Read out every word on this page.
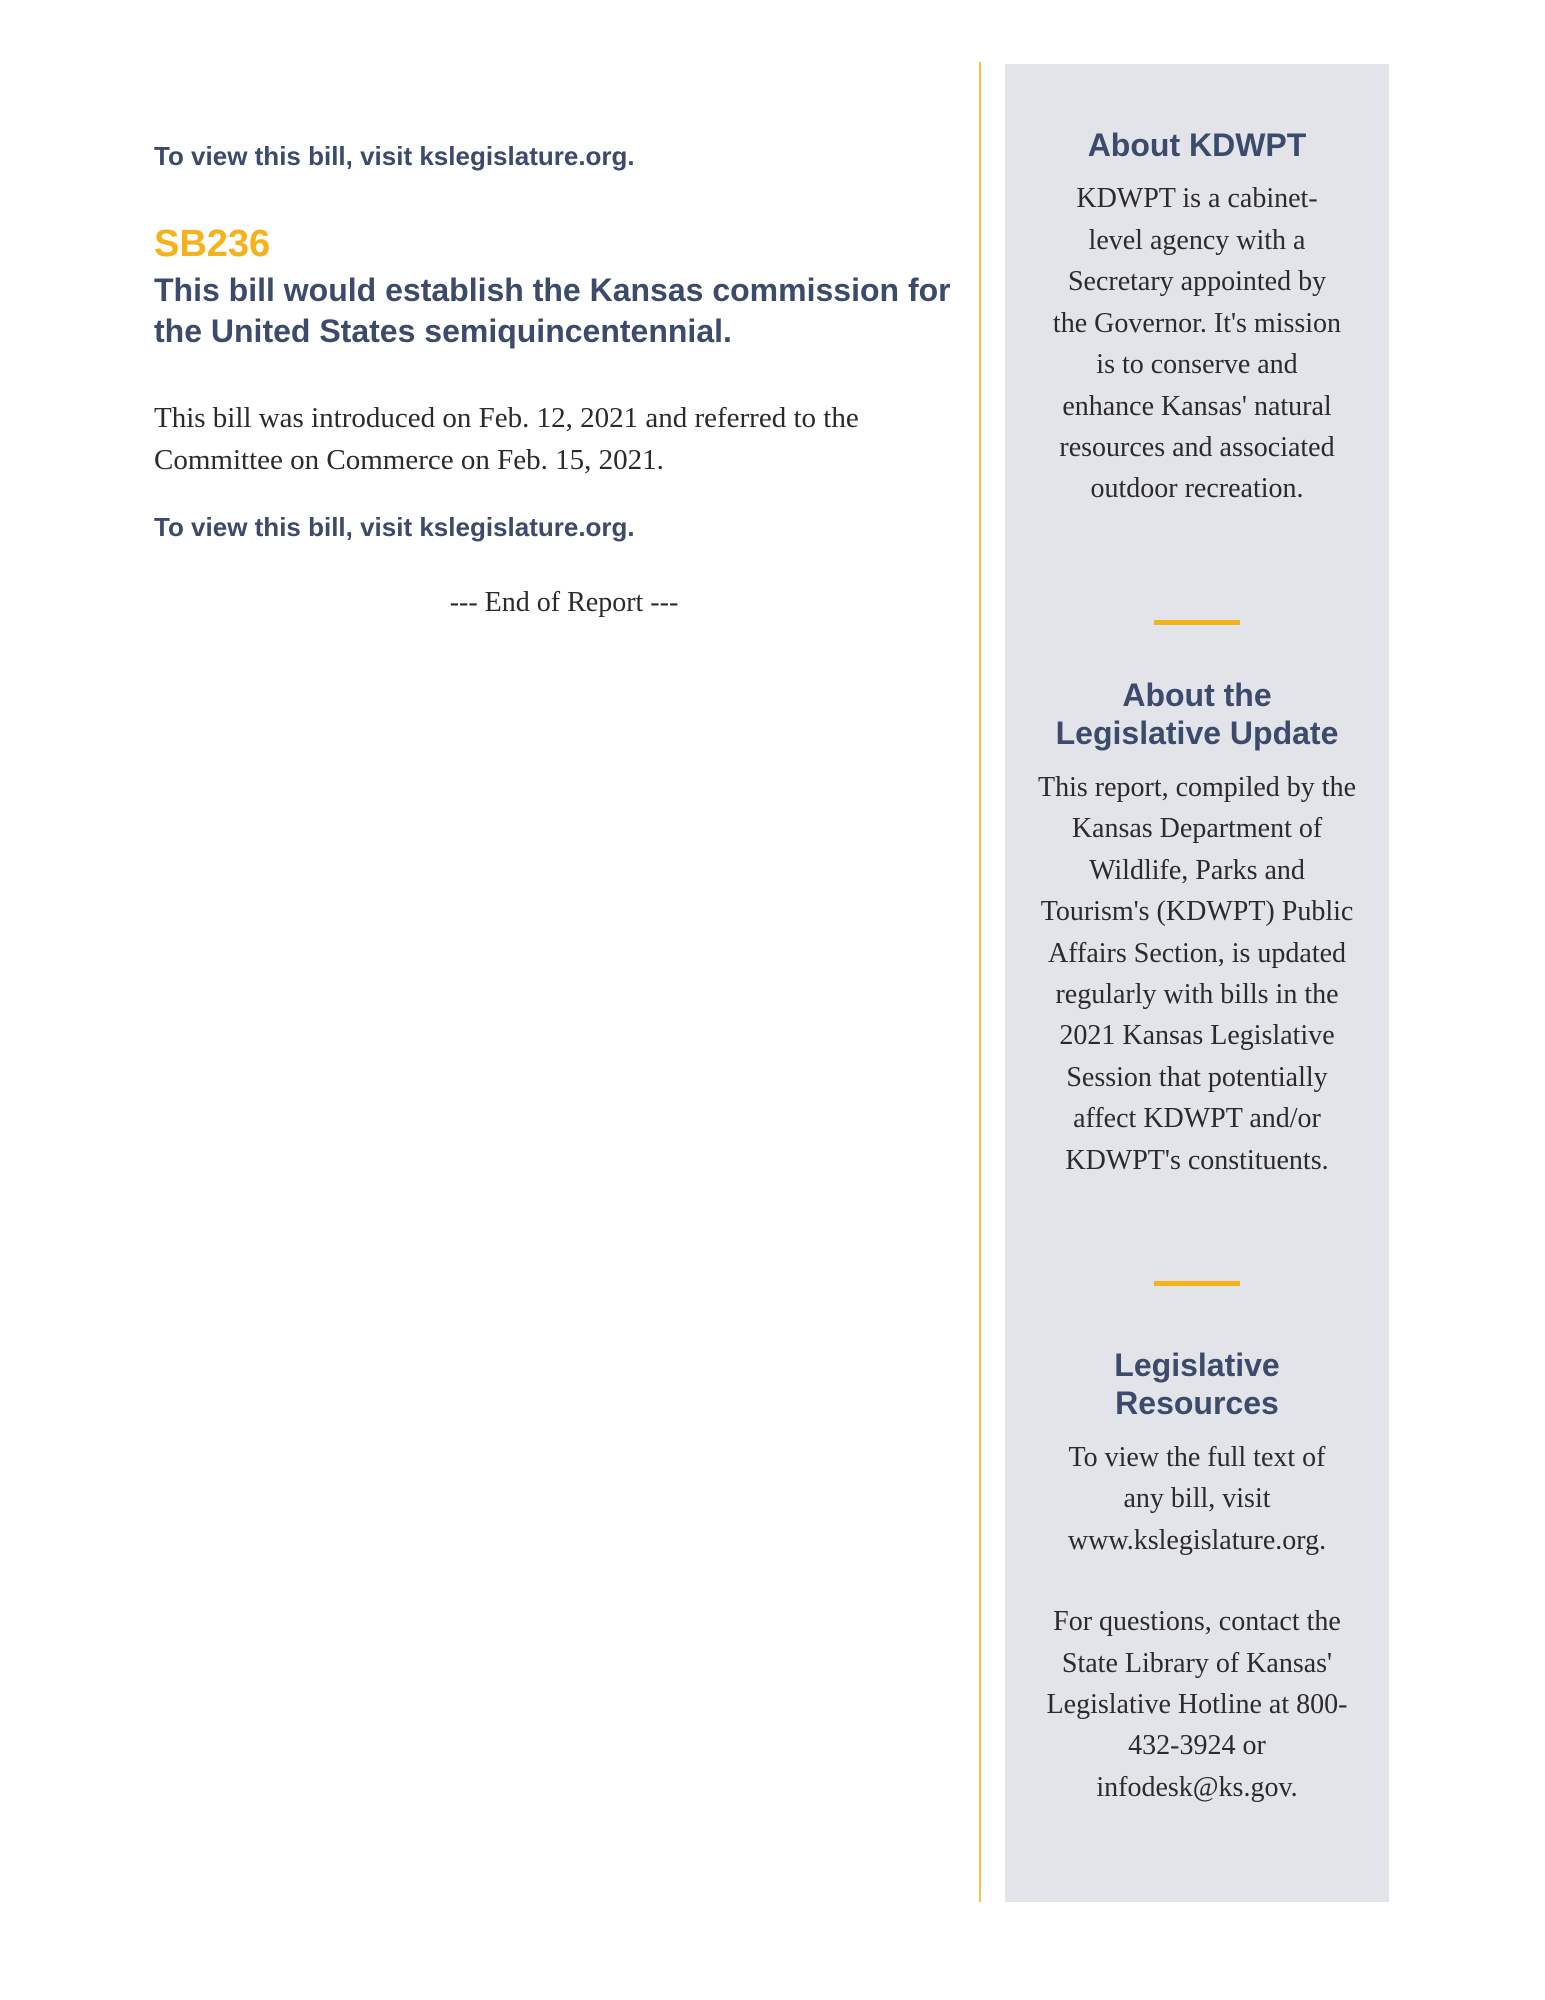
To view this bill, visit kslegislature.org.

SB236

This bill would establish the Kansas commission for the United States semiquincentennial.

This bill was introduced on Feb. 12, 2021 and referred to the Committee on Commerce on Feb. 15, 2021.

To view this bill, visit kslegislature.org.

--- End of Report ---
About KDWPT

KDWPT is a cabinet-level agency with a Secretary appointed by the Governor. It's mission is to conserve and enhance Kansas' natural resources and associated outdoor recreation.

About the Legislative Update

This report, compiled by the Kansas Department of Wildlife, Parks and Tourism's (KDWPT) Public Affairs Section, is updated regularly with bills in the 2021 Kansas Legislative Session that potentially affect KDWPT and/or KDWPT's constituents.

Legislative Resources

To view the full text of any bill, visit www.kslegislature.org.

For questions, contact the State Library of Kansas' Legislative Hotline at 800-432-3924 or infodesk@ks.gov.
